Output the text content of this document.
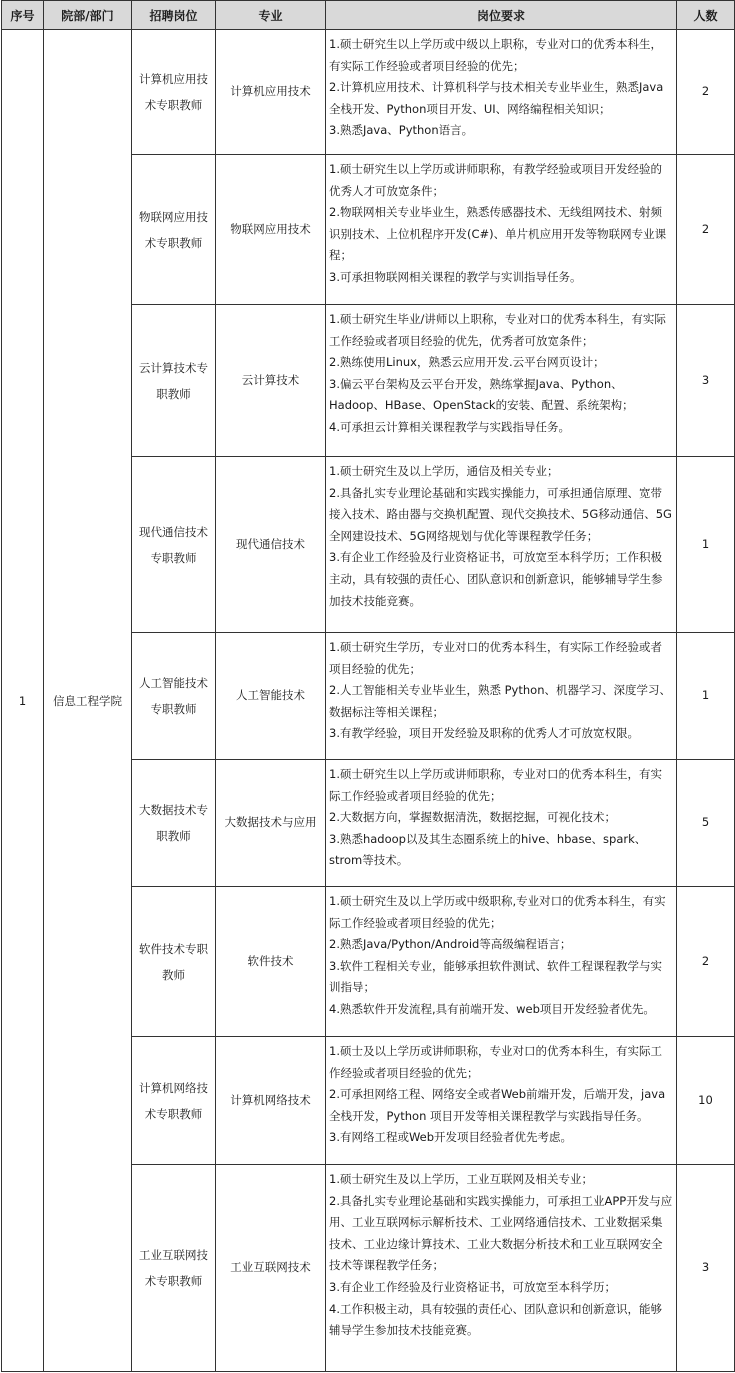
序号	院部/部门	招聘岗位	专业	岗位要求	人数
1	信息工程学院	计算机应用技术专职教师	计算机应用技术	1.硕士研究生以上学历或中级以上职称，专业对口的优秀本科生，有实际工作经验或者项目经验的优先；
2.计算机应用技术、计算机科学与技术相关专业毕业生，熟悉Java全栈开发、Python项目开发、UI、网络编程相关知识；
3.熟悉Java、Python语言。	2
		物联网应用技术专职教师	物联网应用技术	1.硕士研究生以上学历或讲师职称，有教学经验或项目开发经验的优秀人才可放宽条件；
2.物联网相关专业毕业生，熟悉传感器技术、无线组网技术、射频识别技术、上位机程序开发(C#)、单片机应用开发等物联网专业课程；
3.可承担物联网相关课程的教学与实训指导任务。	2
		云计算技术专职教师	云计算技术	1.硕士研究生毕业/讲师以上职称，专业对口的优秀本科生，有实际工作经验或者项目经验的优先，优秀者可放宽条件；
2.熟练使用Linux，熟悉云应用开发.云平台网页设计；
3.偏云平台架构及云平台开发，熟练掌握Java、Python、Hadoop、HBase、OpenStack的安装、配置、系统架构；
4.可承担云计算相关课程教学与实践指导任务。	3
		现代通信技术专职教师	现代通信技术	1.硕士研究生及以上学历，通信及相关专业；
2.具备扎实专业理论基础和实践实操能力，可承担通信原理、宽带接入技术、路由器与交换机配置、现代交换技术、5G移动通信、5G全网建设技术、5G网络规划与优化等课程教学任务；
3.有企业工作经验及行业资格证书，可放宽至本科学历；工作积极主动，具有较强的责任心、团队意识和创新意识，能够辅导学生参加技术技能竞赛。	1
		人工智能技术专职教师	人工智能技术	1.硕士研究生学历，专业对口的优秀本科生，有实际工作经验或者项目经验的优先；
2.人工智能相关专业毕业生，熟悉 Python、机器学习、深度学习、数据标注等相关课程；
3.有教学经验，项目开发经验及职称的优秀人才可放宽权限。	1
		大数据技术专职教师	大数据技术与应用	1.硕士研究生以上学历或讲师职称，专业对口的优秀本科生，有实际工作经验或者项目经验的优先；
2.大数据方向，掌握数据清洗，数据挖掘，可视化技术；
3.熟悉hadoop以及其生态圈系统上的hive、hbase、spark、strom等技术。	5
		软件技术专职教师	软件技术	1.硕士研究生及以上学历或中级职称,专业对口的优秀本科生，有实际工作经验或者项目经验的优先；
2.熟悉Java/Python/Android等高级编程语言；
3.软件工程相关专业，能够承担软件测试、软件工程课程教学与实训指导；
4.熟悉软件开发流程,具有前端开发、web项目开发经验者优先。	2
		计算机网络技术专职教师	计算机网络技术	1.硕士及以上学历或讲师职称，专业对口的优秀本科生，有实际工作经验或者项目经验的优先；
2.可承担网络工程、网络安全或者Web前端开发，后端开发，java全栈开发，Python 项目开发等相关课程教学与实践指导任务。
3.有网络工程或Web开发项目经验者优先考虑。	10
		工业互联网技术专职教师	工业互联网技术	1.硕士研究生及以上学历，工业互联网及相关专业；
2.具备扎实专业理论基础和实践实操能力，可承担工业APP开发与应用、工业互联网标示解析技术、工业网络通信技术、工业数据采集技术、工业边缘计算技术、工业大数据分析技术和工业互联网安全技术等课程教学任务；
3.有企业工作经验及行业资格证书，可放宽至本科学历；
4.工作积极主动，具有较强的责任心、团队意识和创新意识，能够辅导学生参加技术技能竞赛。	3
